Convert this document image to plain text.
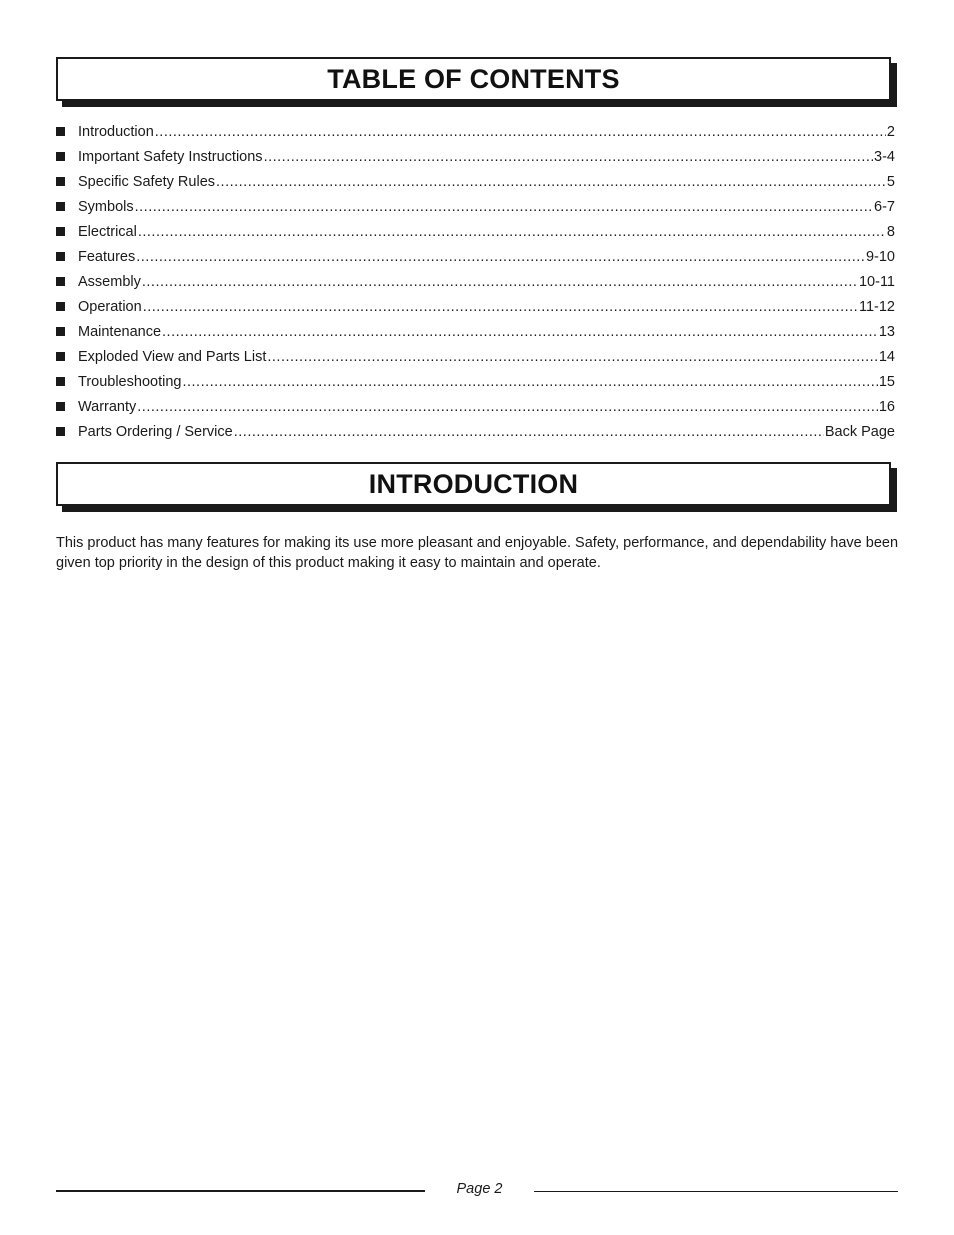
TABLE OF CONTENTS
Introduction .....	2
Important Safety Instructions .....	3-4
Specific Safety Rules .....	5
Symbols .....	6-7
Electrical .....	8
Features .....	9-10
Assembly .....	10-11
Operation .....	11-12
Maintenance .....	13
Exploded View and Parts List .....	14
Troubleshooting .....	15
Warranty .....	16
Parts Ordering / Service .....	Back Page
INTRODUCTION

This product has many features for making its use more pleasant and enjoyable. Safety, performance, and dependability have been given top priority in the design of this product making it easy to maintain and operate.

Page 2
